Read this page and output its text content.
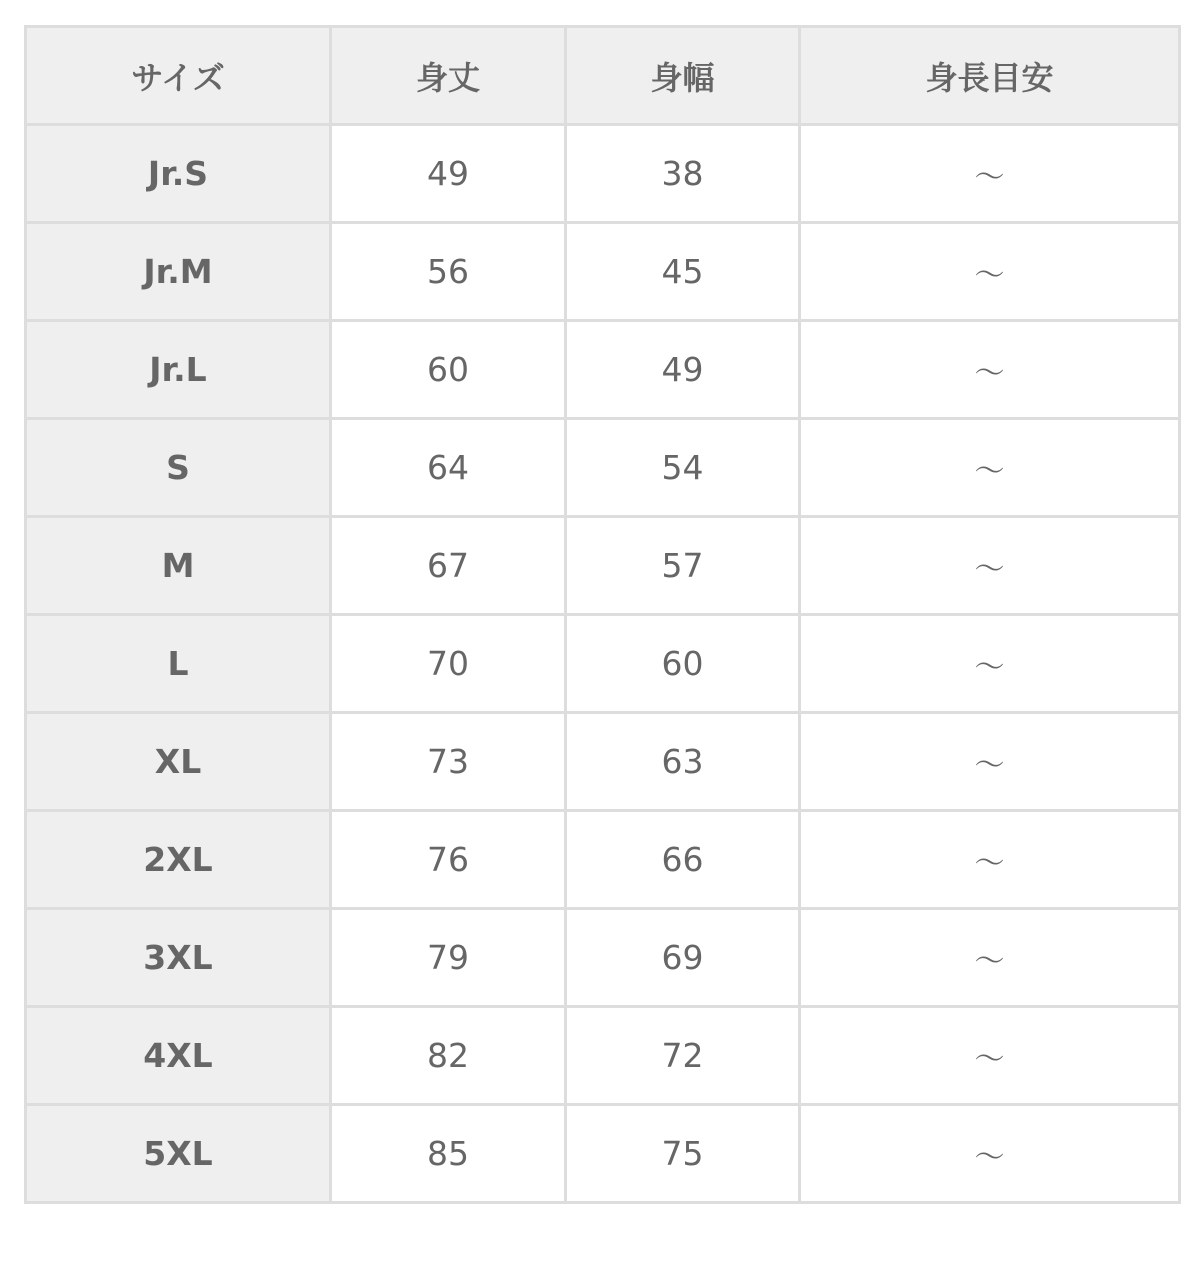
サイズ	身丈	身幅	身長目安
Jr.S	49	38	〜
Jr.M	56	45	〜
Jr.L	60	49	〜
S	64	54	〜
M	67	57	〜
L	70	60	〜
XL	73	63	〜
2XL	76	66	〜
3XL	79	69	〜
4XL	82	72	〜
5XL	85	75	〜
